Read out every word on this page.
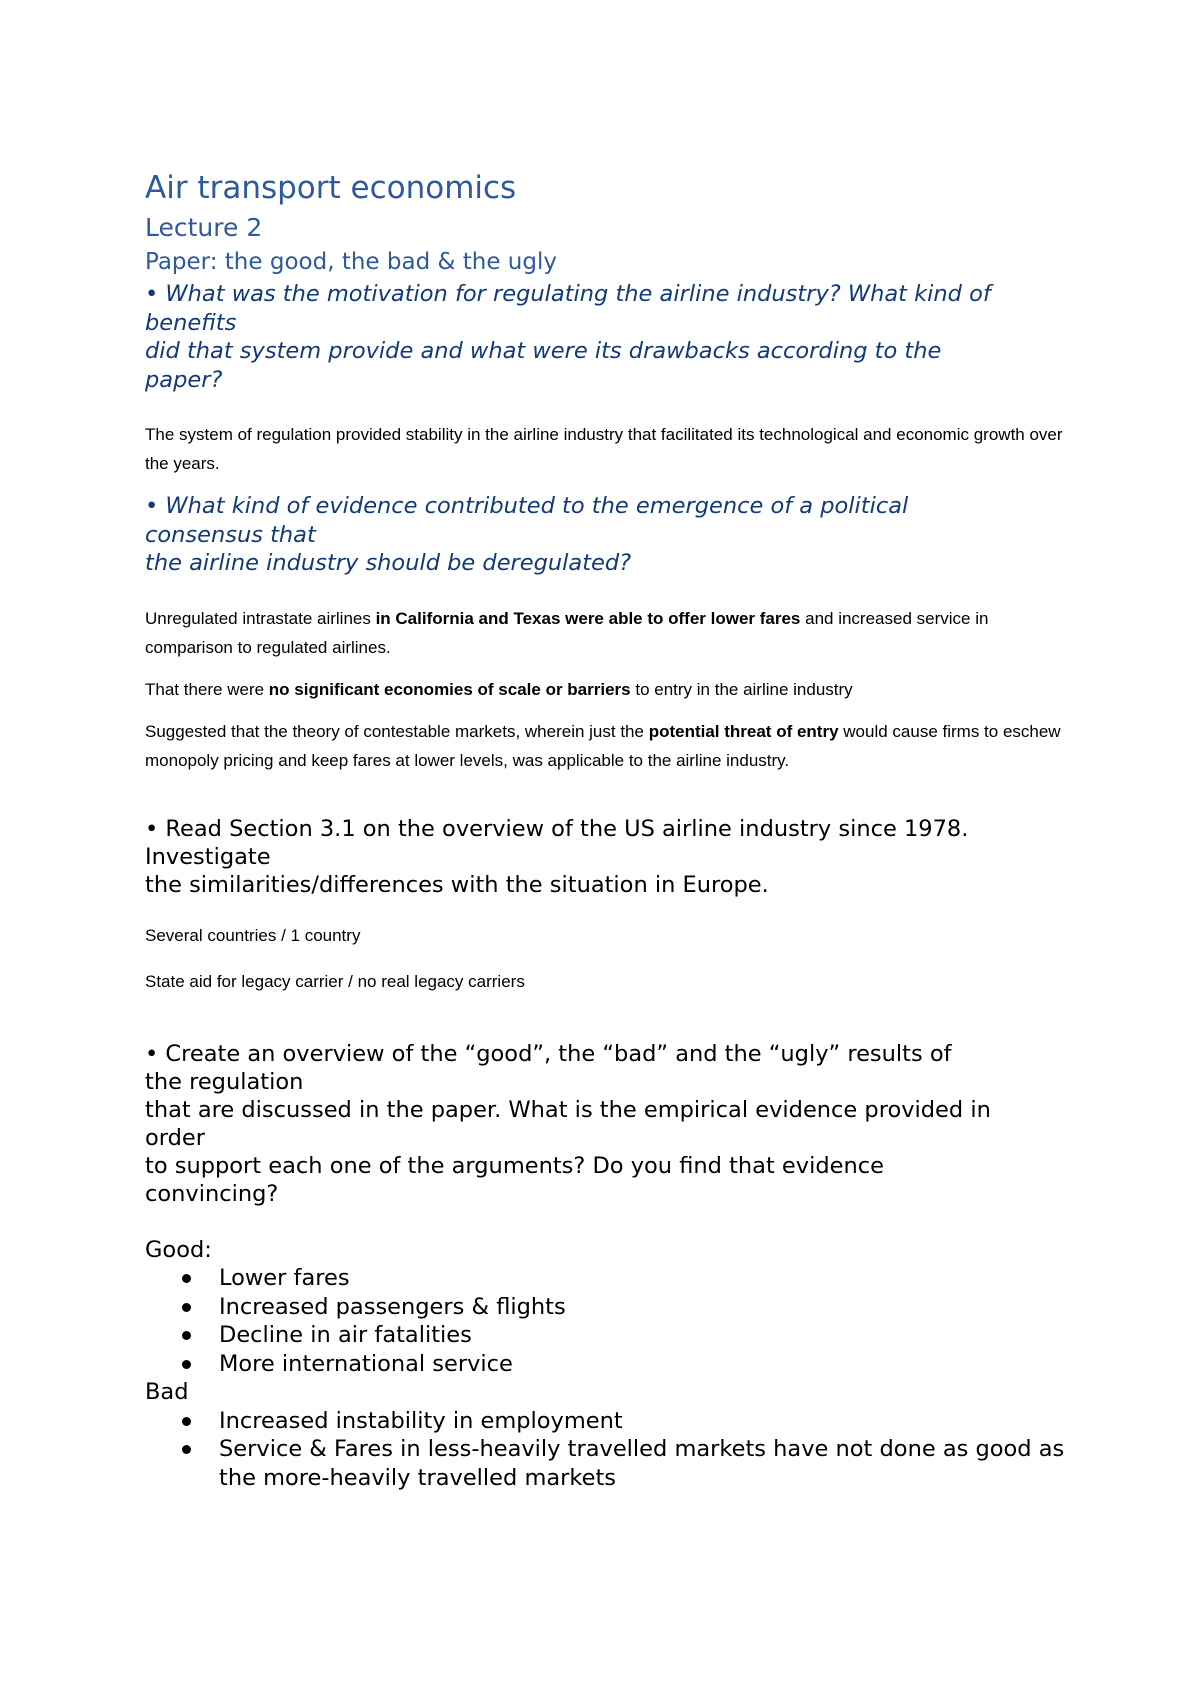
Air transport economics
Lecture 2
Paper: the good, the bad & the ugly
• What was the motivation for regulating the airline industry? What kind of
benefits
did that system provide and what were its drawbacks according to the
paper?

The system of regulation provided stability in the airline industry that facilitated its technological and economic growth over the years.

• What kind of evidence contributed to the emergence of a political
consensus that
the airline industry should be deregulated?

Unregulated intrastate airlines in California and Texas were able to offer lower fares and increased service in comparison to regulated airlines.

That there were no significant economies of scale or barriers to entry in the airline industry

Suggested that the theory of contestable markets, wherein just the potential threat of entry would cause firms to eschew monopoly pricing and keep fares at lower levels, was applicable to the airline industry.

• Read Section 3.1 on the overview of the US airline industry since 1978.
Investigate
the similarities/differences with the situation in Europe.

Several countries / 1 country

State aid for legacy carrier / no real legacy carriers

• Create an overview of the “good”, the “bad” and the “ugly” results of
the regulation
that are discussed in the paper. What is the empirical evidence provided in
order
to support each one of the arguments? Do you find that evidence
convincing?
Good:
Lower fares
Increased passengers & flights
Decline in air fatalities
More international service
Bad
Increased instability in employment
Service & Fares in less-heavily travelled markets have not done as good as the more-heavily travelled markets
